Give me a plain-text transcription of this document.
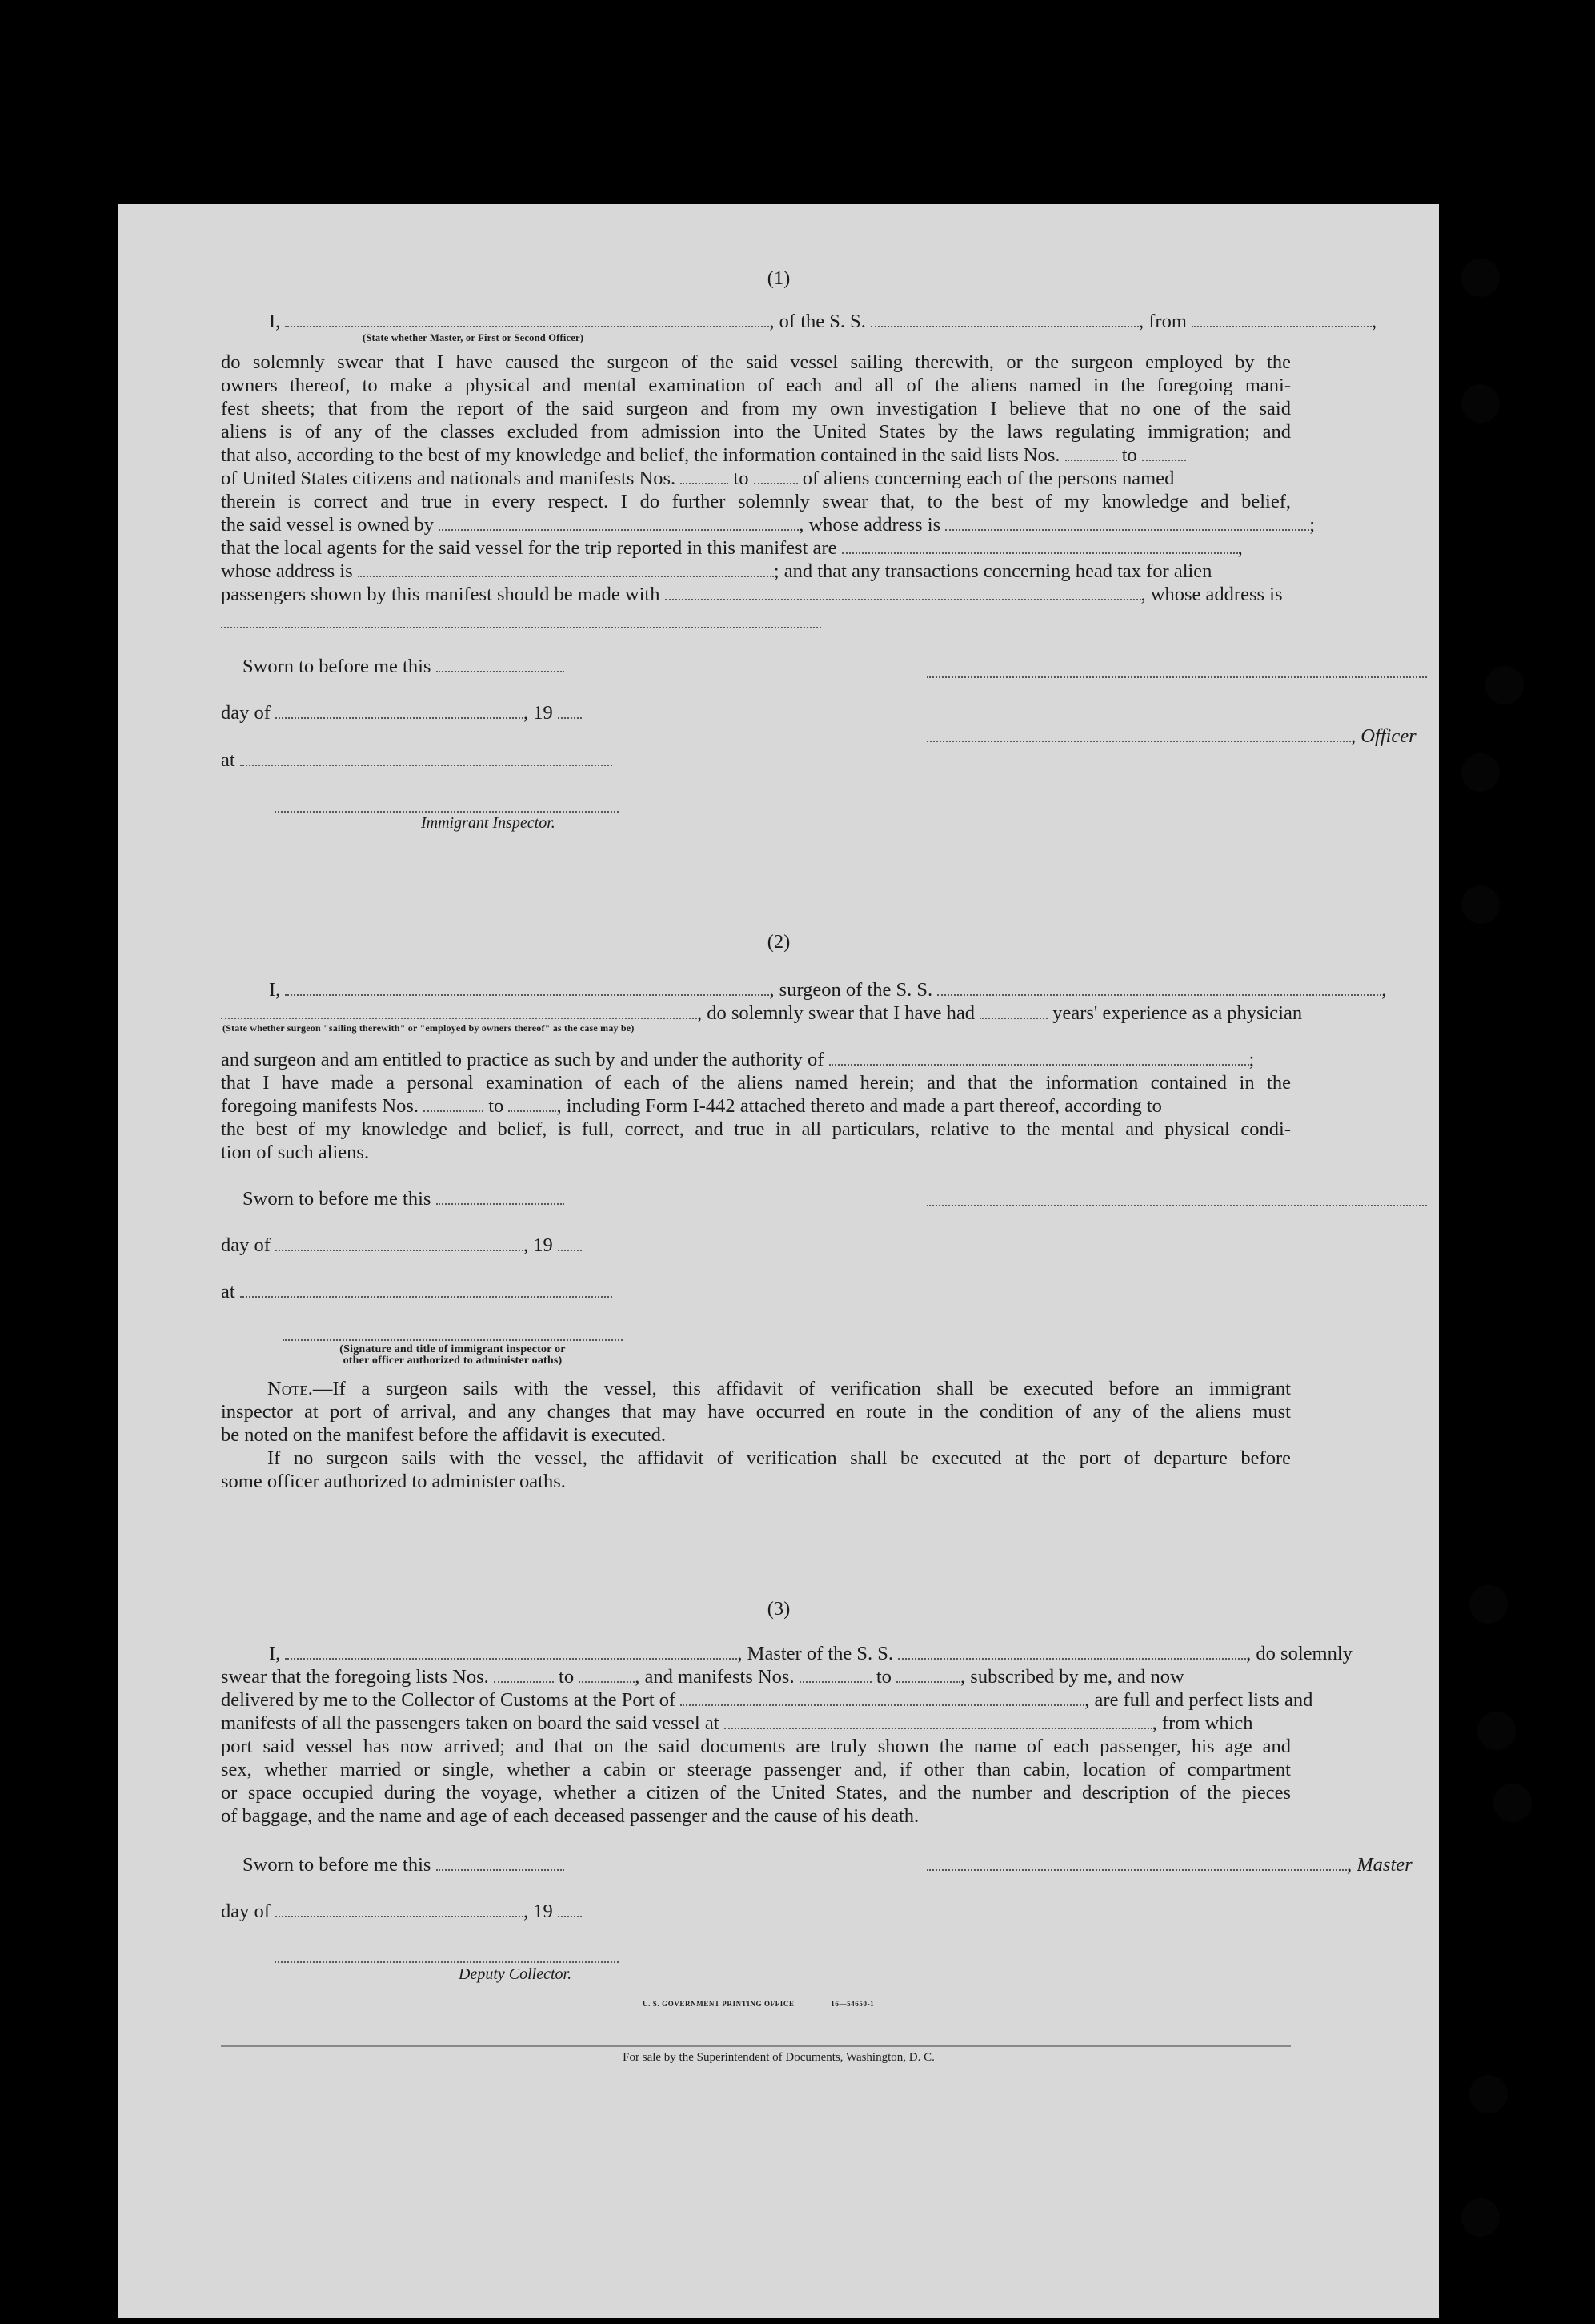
(1)
I,	, of the S. S.	, from	,
(State whether Master, or First or Second Officer)
do solemnly swear that I have caused the surgeon of the said vessel sailing therewith, or the surgeon employed by the
owners thereof, to make a physical and mental examination of each and all of the aliens named in the foregoing mani-
fest sheets; that from the report of the said surgeon and from my own investigation I believe that no one of the said
aliens is of any of the classes excluded from admission into the United States by the laws regulating immigration; and
that also, according to the best of my knowledge and belief, the information contained in the said lists Nos.	to
of United States citizens and nationals and manifests Nos.	to	of aliens concerning each of the persons named
therein is correct and true in every respect. I do further solemnly swear that, to the best of my knowledge and belief,
the said vessel is owned by	, whose address is	;
that the local agents for the said vessel for the trip reported in this manifest are	,
whose address is	; and that any transactions concerning head tax for alien
passengers shown by this manifest should be made with	, whose address is
Sworn to before me this
day of	, 19
, Officer
at
Immigrant Inspector.
(2)
I,	, surgeon of the S. S.	,
, do solemnly swear that I have had	years' experience as a physician
(State whether surgeon "sailing therewith" or "employed by owners thereof" as the case may be)
and surgeon and am entitled to practice as such by and under the authority of	;
that I have made a personal examination of each of the aliens named herein; and that the information contained in the
foregoing manifests Nos.	to	, including Form I-442 attached thereto and made a part thereof, according to
the best of my knowledge and belief, is full, correct, and true in all particulars, relative to the mental and physical condi-
tion of such aliens.
Sworn to before me this
day of	, 19
at
(Signature and title of immigrant inspector or
other officer authorized to administer oaths)
Note.—If a surgeon sails with the vessel, this affidavit of verification shall be executed before an immigrant
inspector at port of arrival, and any changes that may have occurred en route in the condition of any of the aliens must
be noted on the manifest before the affidavit is executed.
If no surgeon sails with the vessel, the affidavit of verification shall be executed at the port of departure before
some officer authorized to administer oaths.
(3)
I,	, Master of the S. S.	, do solemnly
swear that the foregoing lists Nos.	to	, and manifests Nos.	to	, subscribed by me, and now
delivered by me to the Collector of Customs at the Port of	, are full and perfect lists and
manifests of all the passengers taken on board the said vessel at	, from which
port said vessel has now arrived; and that on the said documents are truly shown the name of each passenger, his age and
sex, whether married or single, whether a cabin or steerage passenger and, if other than cabin, location of compartment
or space occupied during the voyage, whether a citizen of the United States, and the number and description of the pieces
of baggage, and the name and age of each deceased passenger and the cause of his death.
Sworn to before me this	, Master
day of	, 19
Deputy Collector.
U. S. GOVERNMENT PRINTING OFFICE	16—54650-1
For sale by the Superintendent of Documents, Washington, D. C.
